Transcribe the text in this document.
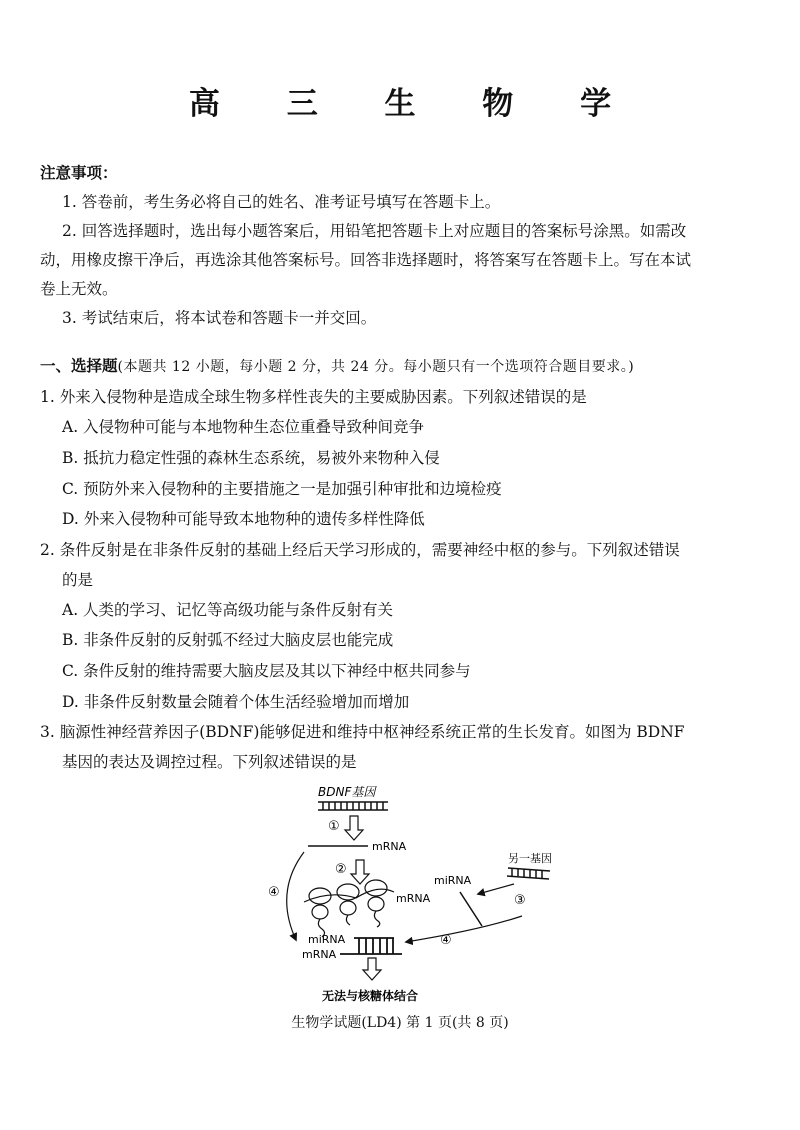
高 三 生 物 学
注意事项：
1. 答卷前，考生务必将自己的姓名、准考证号填写在答题卡上。
2. 回答选择题时，选出每小题答案后，用铅笔把答题卡上对应题目的答案标号涂黑。如需改
动，用橡皮擦干净后，再选涂其他答案标号。回答非选择题时，将答案写在答题卡上。写在本试
卷上无效。
3. 考试结束后，将本试卷和答题卡一并交回。
一、选择题(本题共 12 小题，每小题 2 分，共 24 分。每小题只有一个选项符合题目要求。)
1. 外来入侵物种是造成全球生物多样性丧失的主要威胁因素。下列叙述错误的是
A. 入侵物种可能与本地物种生态位重叠导致种间竞争
B. 抵抗力稳定性强的森林生态系统，易被外来物种入侵
C. 预防外来入侵物种的主要措施之一是加强引种审批和边境检疫
D. 外来入侵物种可能导致本地物种的遗传多样性降低
2. 条件反射是在非条件反射的基础上经后天学习形成的，需要神经中枢的参与。下列叙述错误
的是
A. 人类的学习、记忆等高级功能与条件反射有关
B. 非条件反射的反射弧不经过大脑皮层也能完成
C. 条件反射的维持需要大脑皮层及其以下神经中枢共同参与
D. 非条件反射数量会随着个体生活经验增加而增加
3. 脑源性神经营养因子(BDNF)能够促进和维持中枢神经系统正常的生长发育。如图为 BDNF
基因的表达及调控过程。下列叙述错误的是
BDNF基因
①
mRNA
②
mRNA
④
miRNA
另一基因
③
④
miRNA
mRNA
无法与核糖体结合
生物学试题(LD4) 第 1 页(共 8 页)
